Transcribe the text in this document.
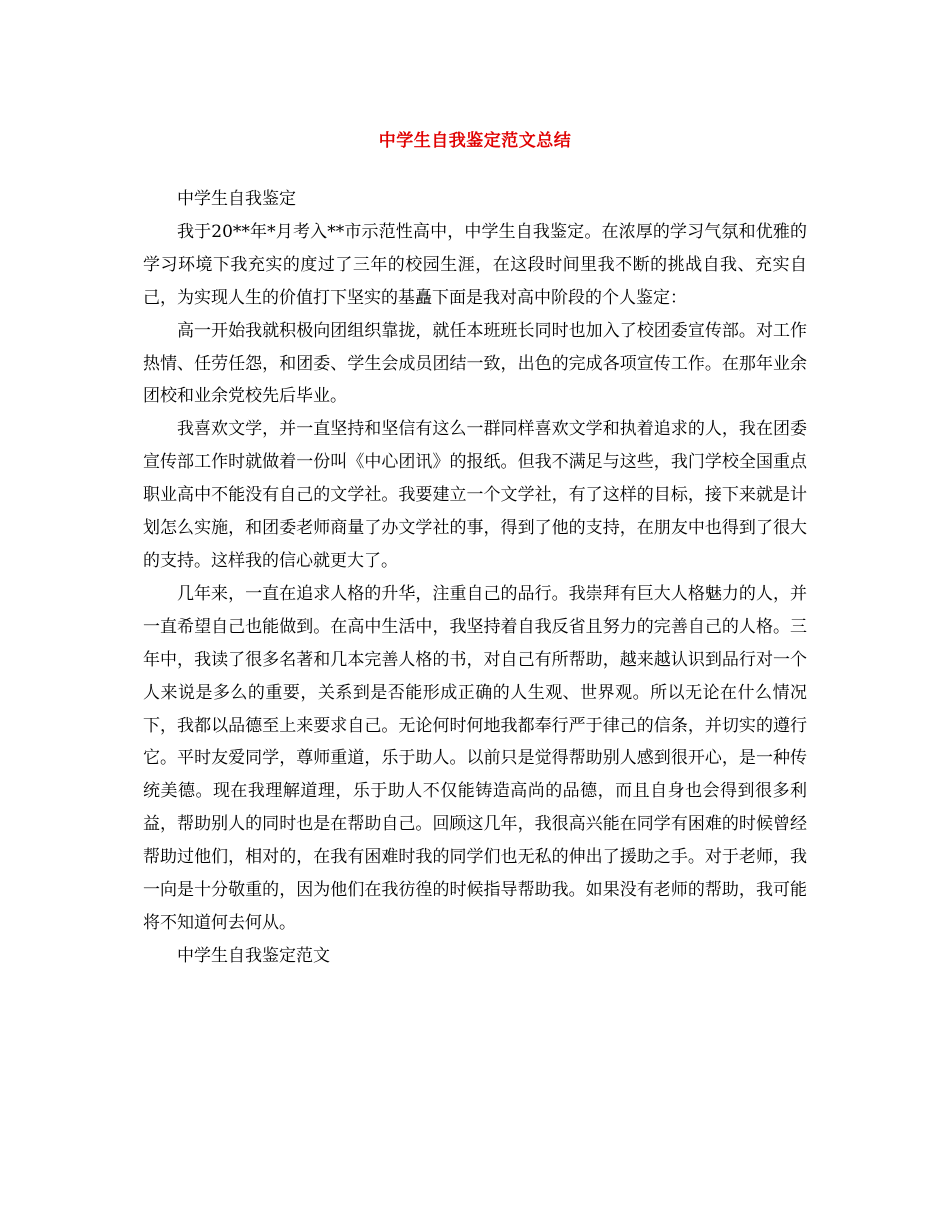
中学生自我鉴定范文总结

中学生自我鉴定

我于20**年*月考入**市示范性高中，中学生自我鉴定。在浓厚的学习气氛和优雅的学习环境下我充实的度过了三年的校园生涯，在这段时间里我不断的挑战自我、充实自己，为实现人生的价值打下坚实的基矗下面是我对高中阶段的个人鉴定：

高一开始我就积极向团组织靠拢，就任本班班长同时也加入了校团委宣传部。对工作热情、任劳任怨，和团委、学生会成员团结一致，出色的完成各项宣传工作。在那年业余团校和业余党校先后毕业。

我喜欢文学，并一直坚持和坚信有这么一群同样喜欢文学和执着追求的人，我在团委宣传部工作时就做着一份叫《中心团讯》的报纸。但我不满足与这些，我门学校全国重点职业高中不能没有自己的文学社。我要建立一个文学社，有了这样的目标，接下来就是计划怎么实施，和团委老师商量了办文学社的事，得到了他的支持，在朋友中也得到了很大的支持。这样我的信心就更大了。

几年来，一直在追求人格的升华，注重自己的品行。我崇拜有巨大人格魅力的人，并一直希望自己也能做到。在高中生活中，我坚持着自我反省且努力的完善自己的人格。三年中，我读了很多名著和几本完善人格的书，对自己有所帮助，越来越认识到品行对一个人来说是多么的重要，关系到是否能形成正确的人生观、世界观。所以无论在什么情况下，我都以品德至上来要求自己。无论何时何地我都奉行严于律己的信条，并切实的遵行它。平时友爱同学，尊师重道，乐于助人。以前只是觉得帮助别人感到很开心，是一种传统美德。现在我理解道理，乐于助人不仅能铸造高尚的品德，而且自身也会得到很多利益，帮助别人的同时也是在帮助自己。回顾这几年，我很高兴能在同学有困难的时候曾经帮助过他们，相对的，在我有困难时我的同学们也无私的伸出了援助之手。对于老师，我一向是十分敬重的，因为他们在我彷徨的时候指导帮助我。如果没有老师的帮助，我可能将不知道何去何从。

中学生自我鉴定范文
